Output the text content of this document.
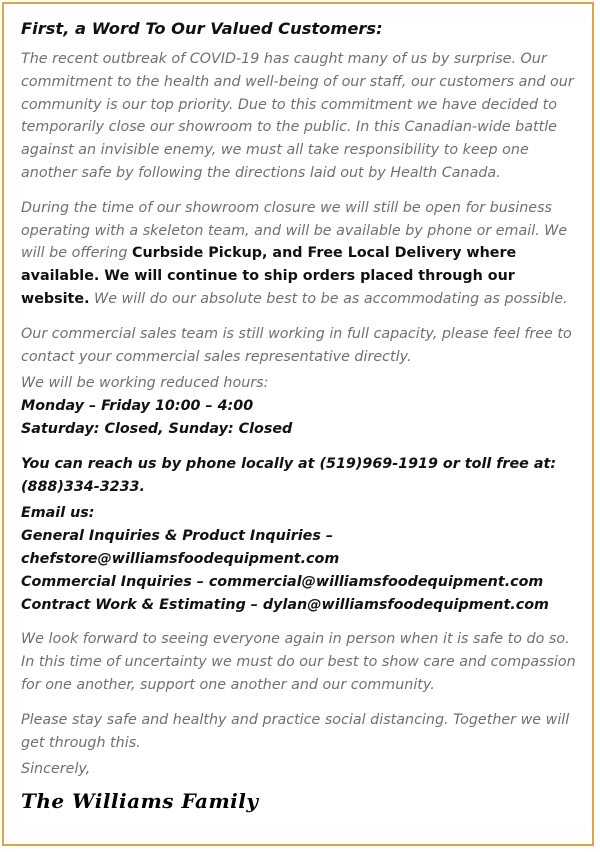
First, a Word To Our Valued Customers:

The recent outbreak of COVID-19 has caught many of us by surprise. Our commitment to the health and well-being of our staff, our customers and our community is our top priority. Due to this commitment we have decided to temporarily close our showroom to the public. In this Canadian-wide battle against an invisible enemy, we must all take responsibility to keep one another safe by following the directions laid out by Health Canada.

During the time of our showroom closure we will still be open for business operating with a skeleton team, and will be available by phone or email. We will be offering Curbside Pickup, and Free Local Delivery where available. We will continue to ship orders placed through our website. We will do our absolute best to be as accommodating as possible.

Our commercial sales team is still working in full capacity, please feel free to contact your commercial sales representative directly.

We will be working reduced hours:

Monday – Friday 10:00 – 4:00

Saturday: Closed, Sunday: Closed

You can reach us by phone locally at (519)969-1919 or toll free at: (888)334-3233.

Email us:

General Inquiries & Product Inquiries – chefstore@williamsfoodequipment.com

Commercial Inquiries – commercial@williamsfoodequipment.com

Contract Work & Estimating – dylan@williamsfoodequipment.com

We look forward to seeing everyone again in person when it is safe to do so. In this time of uncertainty we must do our best to show care and compassion for one another, support one another and our community.

Please stay safe and healthy and practice social distancing. Together we will get through this.

Sincerely,

The Williams Family
